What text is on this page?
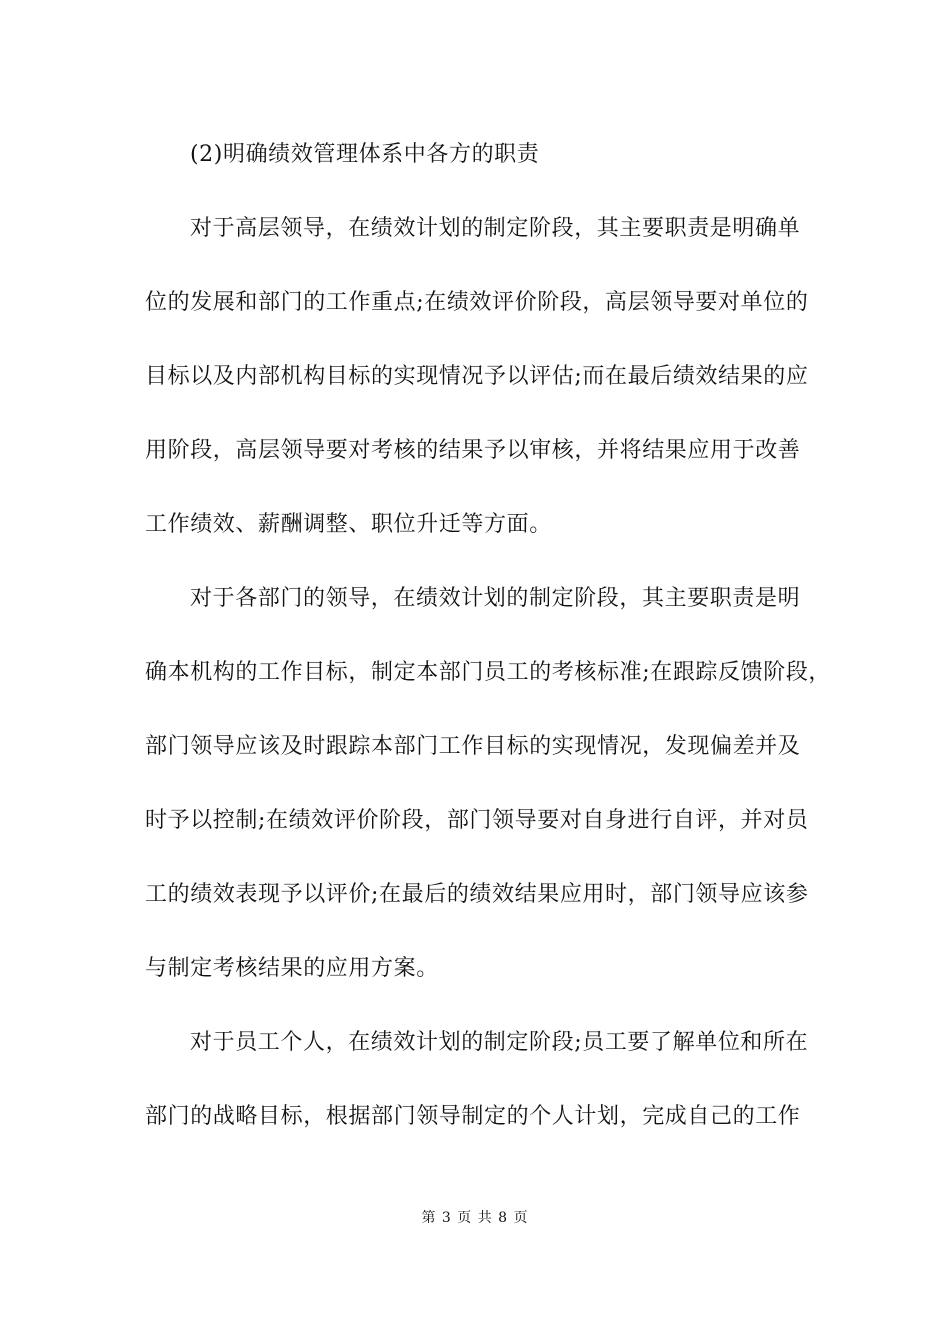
(2)明确绩效管理体系中各方的职责
对于高层领导，在绩效计划的制定阶段，其主要职责是明确单
位的发展和部门的工作重点;在绩效评价阶段，高层领导要对单位的
目标以及内部机构目标的实现情况予以评估;而在最后绩效结果的应
用阶段，高层领导要对考核的结果予以审核，并将结果应用于改善
工作绩效、薪酬调整、职位升迁等方面。
对于各部门的领导，在绩效计划的制定阶段，其主要职责是明
确本机构的工作目标，制定本部门员工的考核标准;在跟踪反馈阶段，
部门领导应该及时跟踪本部门工作目标的实现情况，发现偏差并及
时予以控制;在绩效评价阶段，部门领导要对自身进行自评，并对员
工的绩效表现予以评价;在最后的绩效结果应用时，部门领导应该参
与制定考核结果的应用方案。
对于员工个人，在绩效计划的制定阶段;员工要了解单位和所在
部门的战略目标，根据部门领导制定的个人计划，完成自己的工作
第 3 页 共 8 页
